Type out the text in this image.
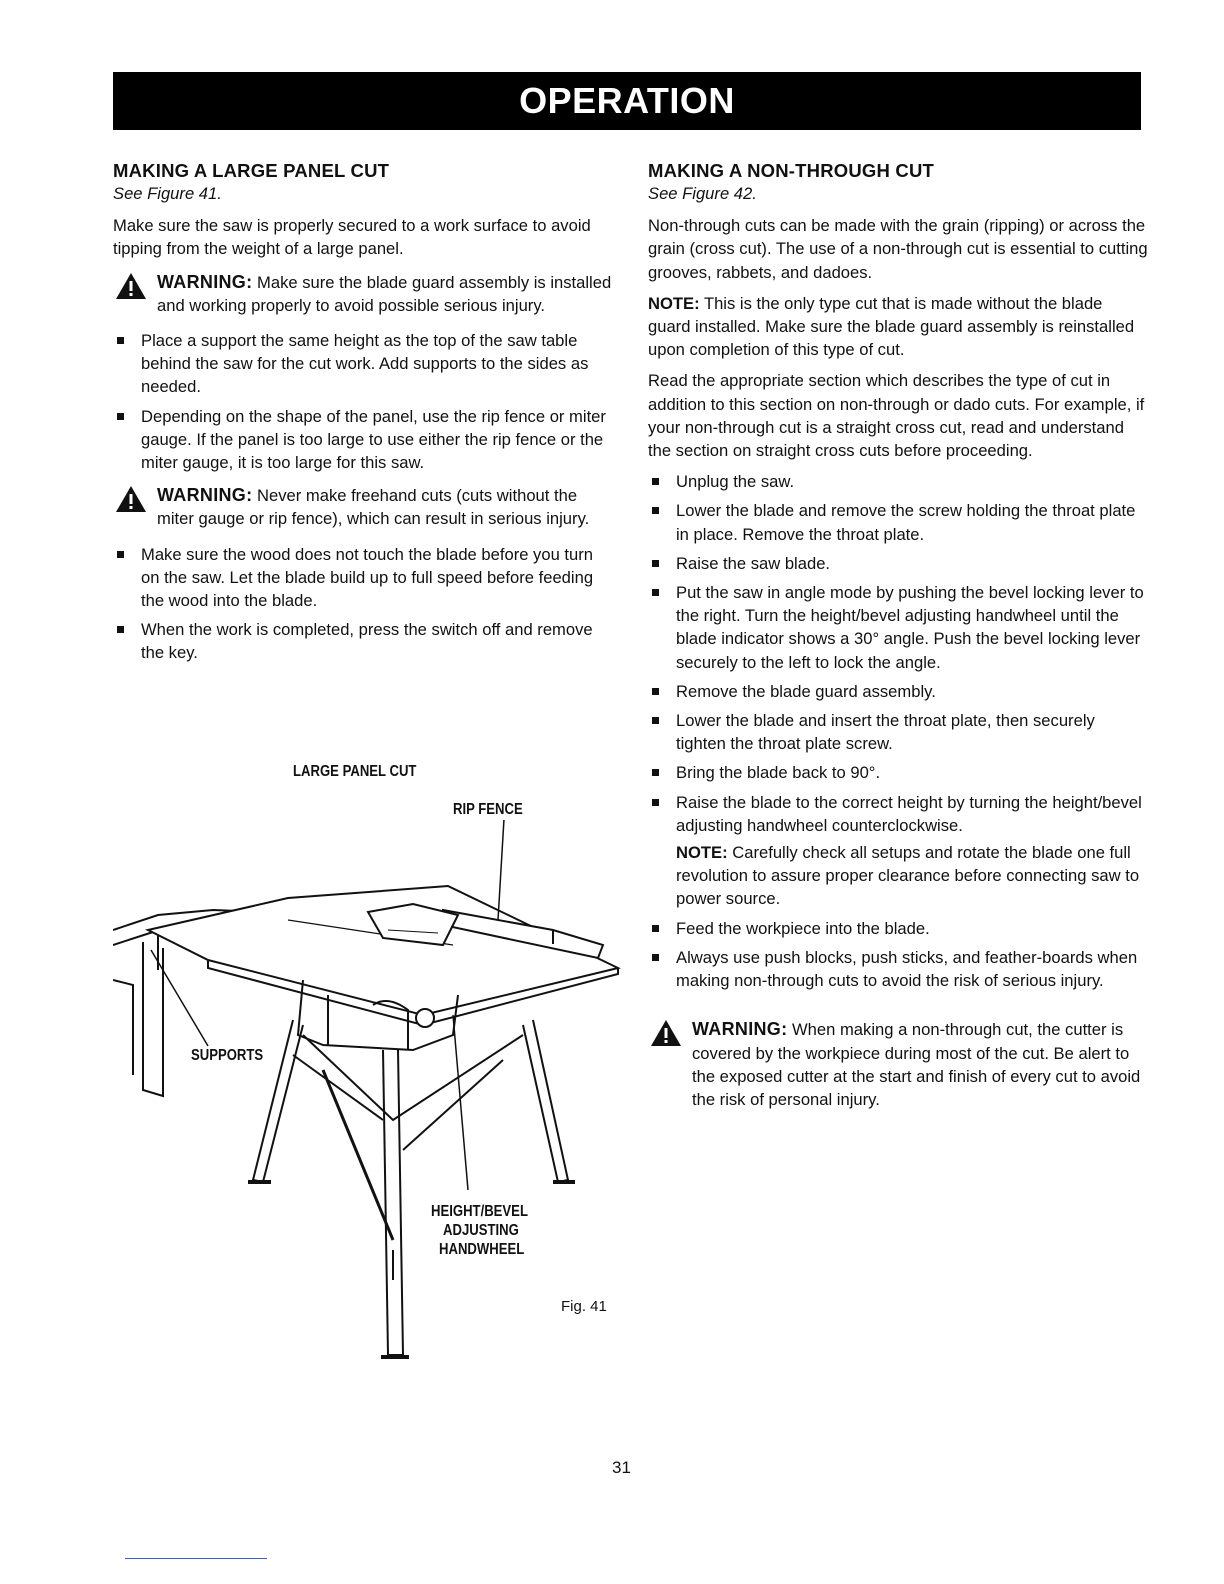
OPERATION
MAKING A LARGE PANEL CUT
See Figure 41.

Make sure the saw is properly secured to a work surface to avoid tipping from the weight of a large panel.

WARNING: Make sure the blade guard assembly is installed and working properly to avoid possible serious injury.
Place a support the same height as the top of the saw table behind the saw for the cut work. Add supports to the sides as needed.
Depending on the shape of the panel, use the rip fence or miter gauge. If the panel is too large to use either the rip fence or the miter gauge, it is too large for this saw.
WARNING: Never make freehand cuts (cuts without the miter gauge or rip fence), which can result in serious injury.
Make sure the wood does not touch the blade before you turn on the saw. Let the blade build up to full speed before feeding the wood into the blade.
When the work is completed, press the switch off and remove the key.
LARGE PANEL CUT
RIP FENCE
SUPPORTS
HEIGHT/BEVEL
ADJUSTING
HANDWHEEL
Fig. 41
MAKING A NON-THROUGH CUT
See Figure 42.

Non-through cuts can be made with the grain (ripping) or across the grain (cross cut). The use of a non-through cut is essential to cutting grooves, rabbets, and dadoes.

NOTE: This is the only type cut that is made without the blade guard installed. Make sure the blade guard assembly is reinstalled upon completion of this type of cut.

Read the appropriate section which describes the type of cut in addition to this section on non-through or dado cuts. For example, if your non-through cut is a straight cross cut, read and understand the section on straight cross cuts before proceeding.

Unplug the saw.
Lower the blade and remove the screw holding the throat plate in place. Remove the throat plate.
Raise the saw blade.
Put the saw in angle mode by pushing the bevel locking lever to the right. Turn the height/bevel adjusting handwheel until the blade indicator shows a 30° angle. Push the bevel locking lever securely to the left to lock the angle.
Remove the blade guard assembly.
Lower the blade and insert the throat plate, then securely tighten the throat plate screw.
Bring the blade back to 90°.
Raise the blade to the correct height by turning the height/bevel adjusting handwheel counterclockwise.
NOTE: Carefully check all setups and rotate the blade one full revolution to assure proper clearance before connecting saw to power source.
Feed the workpiece into the blade.
Always use push blocks, push sticks, and feather-boards when making non-through cuts to avoid the risk of serious injury.
WARNING: When making a non-through cut, the cutter is covered by the workpiece during most of the cut. Be alert to the exposed cutter at the start and finish of every cut to avoid the risk of personal injury.
31
